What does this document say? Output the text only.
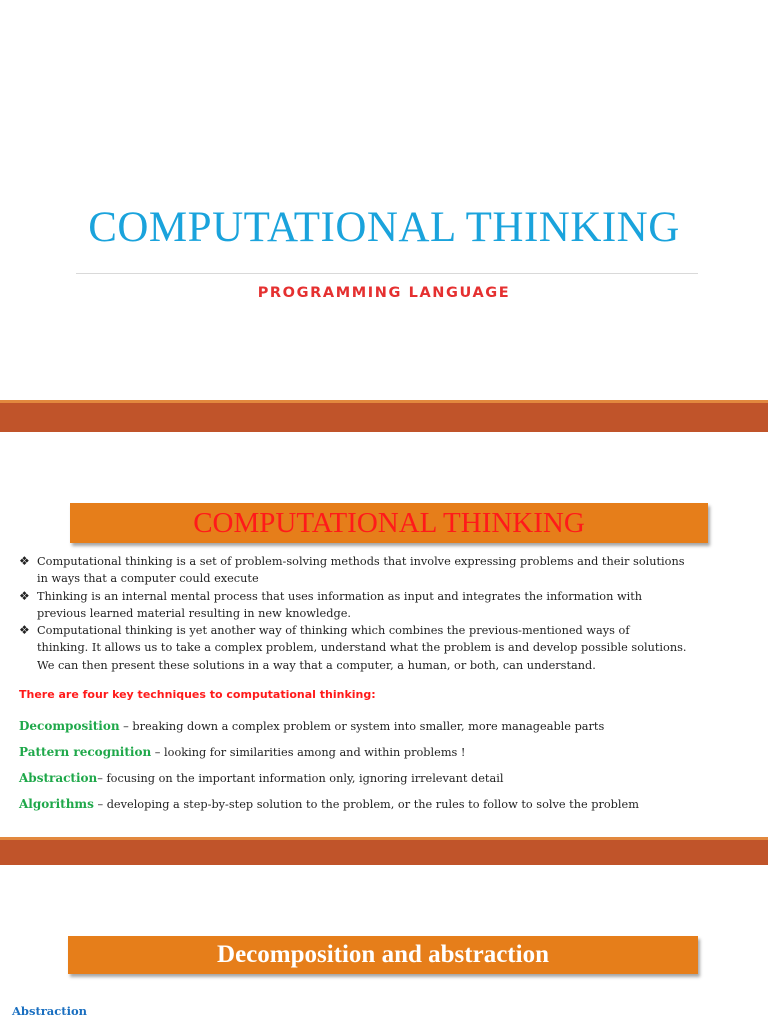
COMPUTATIONAL THINKING
PROGRAMMING LANGUAGE
COMPUTATIONAL THINKING
❖ Computational thinking is a set of problem-solving methods that involve expressing problems and their solutions
in ways that a computer could execute
❖ Thinking is an internal mental process that uses information as input and integrates the information with
previous learned material resulting in new knowledge.
❖ Computational thinking is yet another way of thinking which combines the previous-mentioned ways of
thinking. It allows us to take a complex problem, understand what the problem is and develop possible solutions.
We can then present these solutions in a way that a computer, a human, or both, can understand.
There are four key techniques to computational thinking:
Decomposition – breaking down a complex problem or system into smaller, more manageable parts
Pattern recognition – looking for similarities among and within problems !
Abstraction– focusing on the important information only, ignoring irrelevant detail
Algorithms – developing a step-by-step solution to the problem, or the rules to follow to solve the problem
Decomposition and abstraction
Abstraction
